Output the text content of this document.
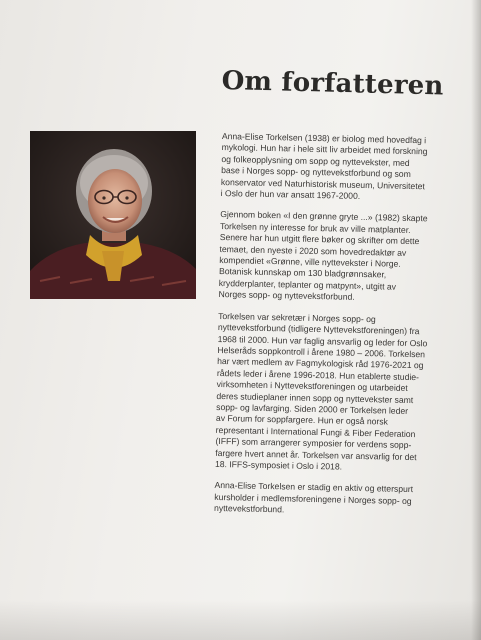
Om forfatteren

Anna-Elise Torkelsen (1938) er biolog med hovedfag i
mykologi. Hun har i hele sitt liv arbeidet med forskning
og folkeopplysning om sopp og nyttevekster, med
base i Norges sopp- og nyttevekstforbund og som
konservator ved Naturhistorisk museum, Universitetet
i Oslo der hun var ansatt 1967-2000.

Gjennom boken «I den grønne gryte ...» (1982) skapte
Torkelsen ny interesse for bruk av ville matplanter.
Senere har hun utgitt flere bøker og skrifter om dette
temaet, den nyeste i 2020 som hovedredaktør av
kompendiet «Grønne, ville nyttevekster i Norge.
Botanisk kunnskap om 130 bladgrønnsaker,
krydderplanter, teplanter og matpynt», utgitt av
Norges sopp- og nyttevekstforbund.

Torkelsen var sekretær i Norges sopp- og
nyttevekstforbund (tidligere Nyttevekstforeningen) fra
1968 til 2000. Hun var faglig ansvarlig og leder for Oslo
Helseråds soppkontroll i årene 1980 – 2006. Torkelsen
har vært medlem av Fagmykologisk råd 1976-2021 og
rådets leder i årene 1996-2018. Hun etablerte studie-
virksomheten i Nyttevekstforeningen og utarbeidet
deres studieplaner innen sopp og nyttevekster samt
sopp- og lavfarging. Siden 2000 er Torkelsen leder
av Forum for soppfargere. Hun er også norsk
representant i International Fungi & Fiber Federation
(IFFF) som arrangerer symposier for verdens sopp-
fargere hvert annet år. Torkelsen var ansvarlig for det
18. IFFS-symposiet i Oslo i 2018.

Anna-Elise Torkelsen er stadig en aktiv og etterspurt
kursholder i medlemsforeningene i Norges sopp- og
nyttevekstforbund.
